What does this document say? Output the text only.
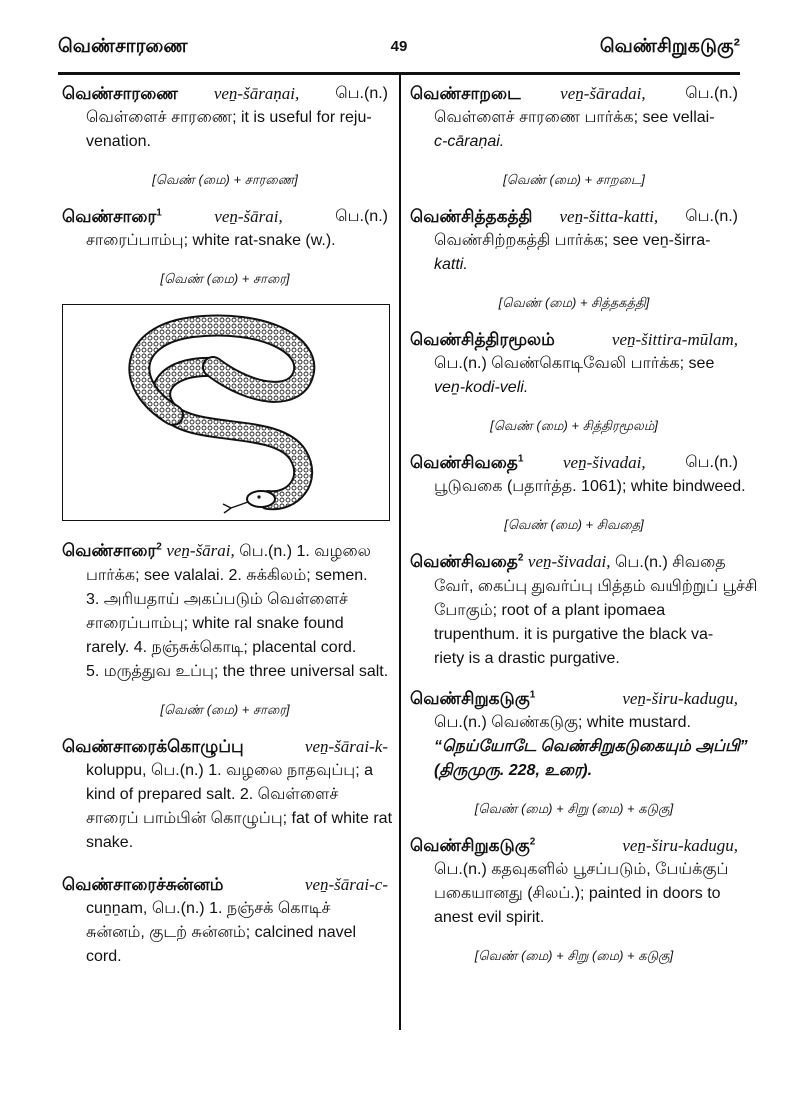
வெண்சாரணை	49	வெண்சிறுகடுகு²
வெண்சாரணை veṉ-šāraṇai, பெ.(n.)
வெள்ளைச் சாரணை; it is useful for reju-
venation.
[வெண் (மை) + சாரணை]
வெண்சாரை$^1$	veṉ-šārai,	பெ.(n.)
சாரைப்பாம்பு; white rat-snake (w.).
[வெண் (மை) + சாரை]
வெண்சாரை$^2$ veṉ-šārai, பெ.(n.) 1. வழலை
பார்க்க; see valalai. 2. சுக்கிலம்; semen.
3. அரியதாய் அகப்படும் வெள்ளைச்
சாரைப்பாம்பு; white ral snake found
rarely. 4. நஞ்சுக்கொடி; placental cord.
5. மருத்துவ உப்பு; the three universal salt.
[வெண் (மை) + சாரை]
வெண்சாரைக்கொழுப்பு	veṉ-šārai-k-
koluppu, பெ.(n.) 1. வழலை நாதவுப்பு; a
kind of prepared salt. 2. வெள்ளைச்
சாரைப் பாம்பின் கொழுப்பு; fat of white rat
snake.
வெண்சாரைச்சுன்னம்	veṉ-šārai-c-
cuṉṉam, பெ.(n.) 1. நஞ்சக் கொடிச்
சுன்னம், குடற் சுன்னம்; calcined navel
cord.
வெண்சாறடை veṉ-šāradai, பெ.(n.)
வெள்ளைச் சாரணை பார்க்க; see vellai-
c-cāraṇai.
[வெண் (மை) + சாறடை]
வெண்சித்தகத்தி veṉ-šitta-katti, பெ.(n.)
வெண்சிற்றகத்தி பார்க்க; see veṉ-širra-
katti.
[வெண் (மை) + சித்தகத்தி]
வெண்சித்திரமூலம்	veṉ-šittira-mūlam,
பெ.(n.) வெண்கொடிவேலி பார்க்க; see
veṉ-kodi-veli.
[வெண் (மை) + சித்திரமூலம்]
வெண்சிவதை$^1$ veṉ-šivadai, பெ.(n.)
பூடுவகை (பதார்த்த. 1061); white bindweed.
[வெண் (மை) + சிவதை]
வெண்சிவதை$^2$ veṉ-šivadai, பெ.(n.) சிவதை
வேர், கைப்பு துவர்ப்பு பித்தம் வயிற்றுப் பூச்சி
போகும்; root of a plant ipomaea
trupenthum. it is purgative the black va-
riety is a drastic purgative.
வெண்சிறுகடுகு$^1$	veṉ-širu-kadugu,
பெ.(n.) வெண்கடுகு; white mustard.
“நெய்யோடே வெண்சிறுகடுகையும் அப்பி”
(திருமுரு. 228, உரை).
[வெண் (மை) + சிறு (மை) + கடுகு]
வெண்சிறுகடுகு$^2$	veṉ-širu-kadugu,
பெ.(n.) கதவுகளில் பூசப்படும், பேய்க்குப்
பகையானது (சிலப்.); painted in doors to
anest evil spirit.
[வெண் (மை) + சிறு (மை) + கடுகு]
